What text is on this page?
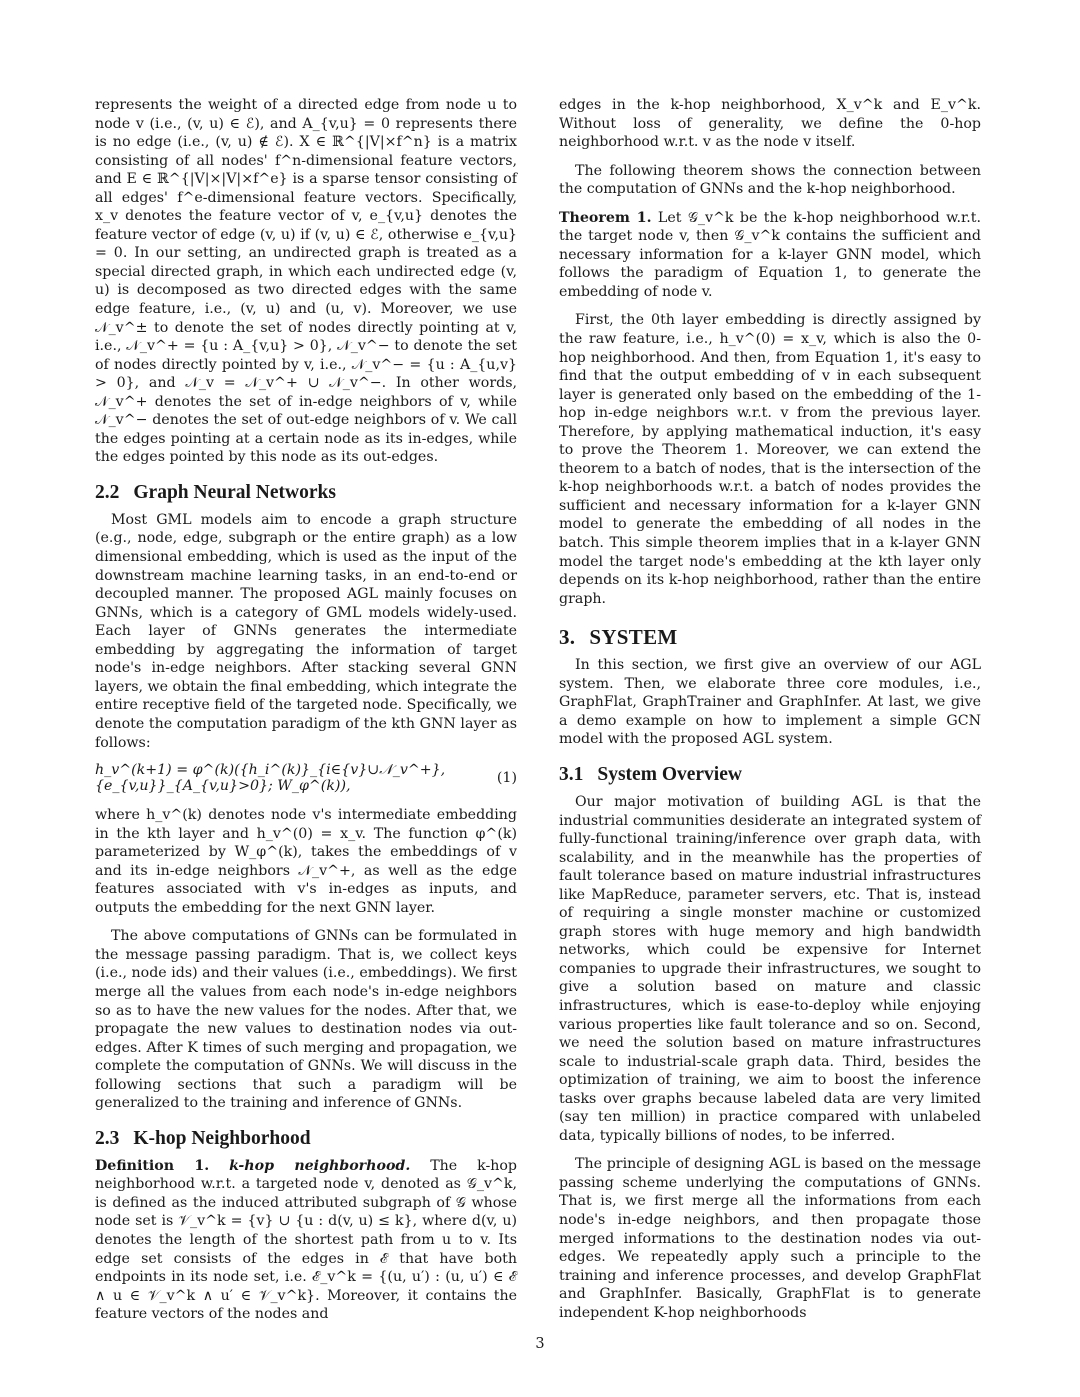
represents the weight of a directed edge from node u to node v (i.e., (v, u) ∈ ℰ), and A_{v,u} = 0 represents there is no edge (i.e., (v, u) ∉ ℰ). X ∈ ℝ^{|V|×f^n} is a matrix consisting of all nodes' f^n-dimensional feature vectors, and E ∈ ℝ^{|V|×|V|×f^e} is a sparse tensor consisting of all edges' f^e-dimensional feature vectors. Specifically, x_v denotes the feature vector of v, e_{v,u} denotes the feature vector of edge (v, u) if (v, u) ∈ ℰ, otherwise e_{v,u} = 0. In our setting, an undirected graph is treated as a special directed graph, in which each undirected edge (v, u) is decomposed as two directed edges with the same edge feature, i.e., (v, u) and (u, v). Moreover, we use 𝒩_v^± to denote the set of nodes directly pointing at v, i.e., 𝒩_v^+ = {u : A_{v,u} > 0}, 𝒩_v^− to denote the set of nodes directly pointed by v, i.e., 𝒩_v^− = {u : A_{u,v} > 0}, and 𝒩_v = 𝒩_v^+ ∪ 𝒩_v^−. In other words, 𝒩_v^+ denotes the set of in-edge neighbors of v, while 𝒩_v^− denotes the set of out-edge neighbors of v. We call the edges pointing at a certain node as its in-edges, while the edges pointed by this node as its out-edges.

2.2 Graph Neural Networks

Most GML models aim to encode a graph structure (e.g., node, edge, subgraph or the entire graph) as a low dimensional embedding, which is used as the input of the downstream machine learning tasks, in an end-to-end or decoupled manner. The proposed AGL mainly focuses on GNNs, which is a category of GML models widely-used. Each layer of GNNs generates the intermediate embedding by aggregating the information of target node's in-edge neighbors. After stacking several GNN layers, we obtain the final embedding, which integrate the entire receptive field of the targeted node. Specifically, we denote the computation paradigm of the kth GNN layer as follows:

h_v^(k+1) = φ^(k)({h_i^(k)}_{i∈{v}∪𝒩_v^+}, {e_{v,u}}_{A_{v,u}>0}; W_φ^(k)),	(1)

where h_v^(k) denotes node v's intermediate embedding in the kth layer and h_v^(0) = x_v. The function φ^(k) parameterized by W_φ^(k), takes the embeddings of v and its in-edge neighbors 𝒩_v^+, as well as the edge features associated with v's in-edges as inputs, and outputs the embedding for the next GNN layer.

The above computations of GNNs can be formulated in the message passing paradigm. That is, we collect keys (i.e., node ids) and their values (i.e., embeddings). We first merge all the values from each node's in-edge neighbors so as to have the new values for the nodes. After that, we propagate the new values to destination nodes via out-edges. After K times of such merging and propagation, we complete the computation of GNNs. We will discuss in the following sections that such a paradigm will be generalized to the training and inference of GNNs.

2.3 K-hop Neighborhood

Definition 1. k-hop neighborhood. The k-hop neighborhood w.r.t. a targeted node v, denoted as 𝒢_v^k, is defined as the induced attributed subgraph of 𝒢 whose node set is 𝒱_v^k = {v} ∪ {u : d(v, u) ≤ k}, where d(v, u) denotes the length of the shortest path from u to v. Its edge set consists of the edges in ℰ that have both endpoints in its node set, i.e. ℰ_v^k = {(u, u′) : (u, u′) ∈ ℰ ∧ u ∈ 𝒱_v^k ∧ u′ ∈ 𝒱_v^k}. Moreover, it contains the feature vectors of the nodes and

edges in the k-hop neighborhood, X_v^k and E_v^k. Without loss of generality, we define the 0-hop neighborhood w.r.t. v as the node v itself.

The following theorem shows the connection between the computation of GNNs and the k-hop neighborhood.

Theorem 1. Let 𝒢_v^k be the k-hop neighborhood w.r.t. the target node v, then 𝒢_v^k contains the sufficient and necessary information for a k-layer GNN model, which follows the paradigm of Equation 1, to generate the embedding of node v.

First, the 0th layer embedding is directly assigned by the raw feature, i.e., h_v^(0) = x_v, which is also the 0-hop neighborhood. And then, from Equation 1, it's easy to find that the output embedding of v in each subsequent layer is generated only based on the embedding of the 1-hop in-edge neighbors w.r.t. v from the previous layer. Therefore, by applying mathematical induction, it's easy to prove the Theorem 1. Moreover, we can extend the theorem to a batch of nodes, that is the intersection of the k-hop neighborhoods w.r.t. a batch of nodes provides the sufficient and necessary information for a k-layer GNN model to generate the embedding of all nodes in the batch. This simple theorem implies that in a k-layer GNN model the target node's embedding at the kth layer only depends on its k-hop neighborhood, rather than the entire graph.

3. SYSTEM

In this section, we first give an overview of our AGL system. Then, we elaborate three core modules, i.e., GraphFlat, GraphTrainer and GraphInfer. At last, we give a demo example on how to implement a simple GCN model with the proposed AGL system.

3.1 System Overview

Our major motivation of building AGL is that the industrial communities desiderate an integrated system of fully-functional training/inference over graph data, with scalability, and in the meanwhile has the properties of fault tolerance based on mature industrial infrastructures like MapReduce, parameter servers, etc. That is, instead of requiring a single monster machine or customized graph stores with huge memory and high bandwidth networks, which could be expensive for Internet companies to upgrade their infrastructures, we sought to give a solution based on mature and classic infrastructures, which is ease-to-deploy while enjoying various properties like fault tolerance and so on. Second, we need the solution based on mature infrastructures scale to industrial-scale graph data. Third, besides the optimization of training, we aim to boost the inference tasks over graphs because labeled data are very limited (say ten million) in practice compared with unlabeled data, typically billions of nodes, to be inferred.

The principle of designing AGL is based on the message passing scheme underlying the computations of GNNs. That is, we first merge all the informations from each node's in-edge neighbors, and then propagate those merged informations to the destination nodes via out-edges. We repeatedly apply such a principle to the training and inference processes, and develop GraphFlat and GraphInfer. Basically, GraphFlat is to generate independent K-hop neighborhoods

3
